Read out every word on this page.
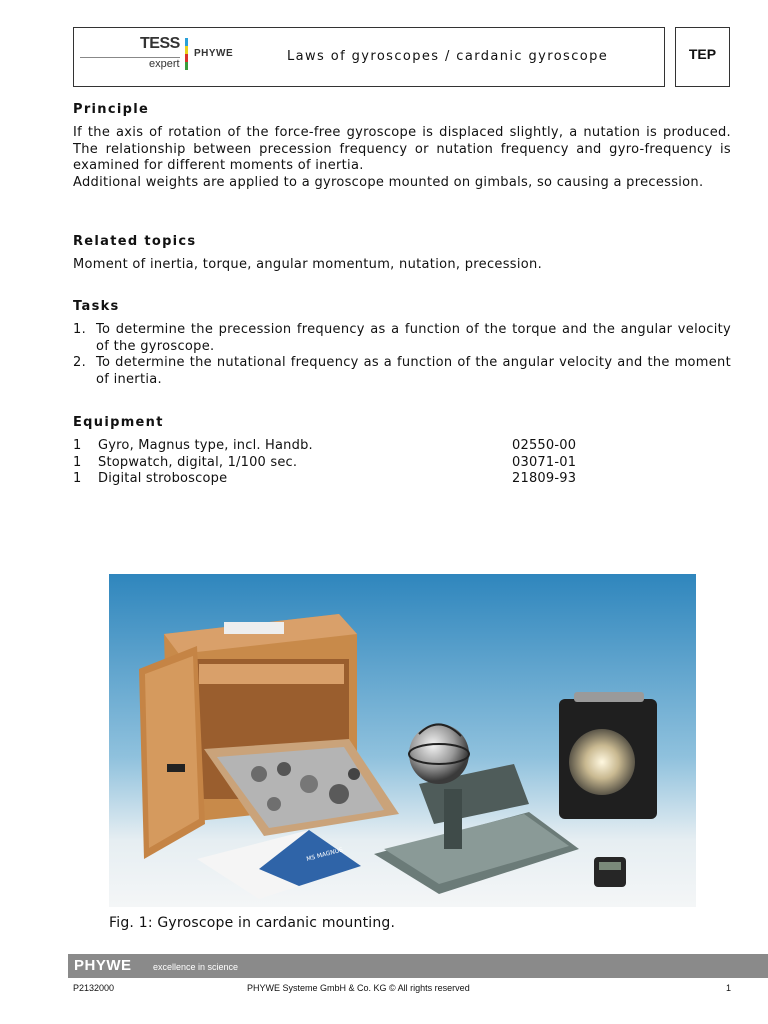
TESS
expert
PHYWE	Laws of gyroscopes / cardanic gyroscope	TEP
Principle

If the axis of rotation of the force-free gyroscope is displaced slightly, a nutation is produced. The relationship between precession frequency or nutation frequency and gyro-frequency is examined for different moments of inertia.

Additional weights are applied to a gyroscope mounted on gimbals, so causing a precession.

Related topics

Moment of inertia, torque, angular momentum, nutation, precession.

Tasks
1. To determine the precession frequency as a function of the torque and the angular velocity of the gyroscope.
2. To determine the nutational frequency as a function of the angular velocity and the moment of inertia.
Equipment
1 Gyro, Magnus type, incl. Handb.	02550-00
1 Stopwatch, digital, 1/100 sec.	03071-01
1 Digital stroboscope	21809-93
MS MAGNUS
Fig. 1: Gyroscope in cardanic mounting.
PHYWE excellence in science
P2132000	PHYWE Systeme GmbH & Co. KG © All rights reserved	1
